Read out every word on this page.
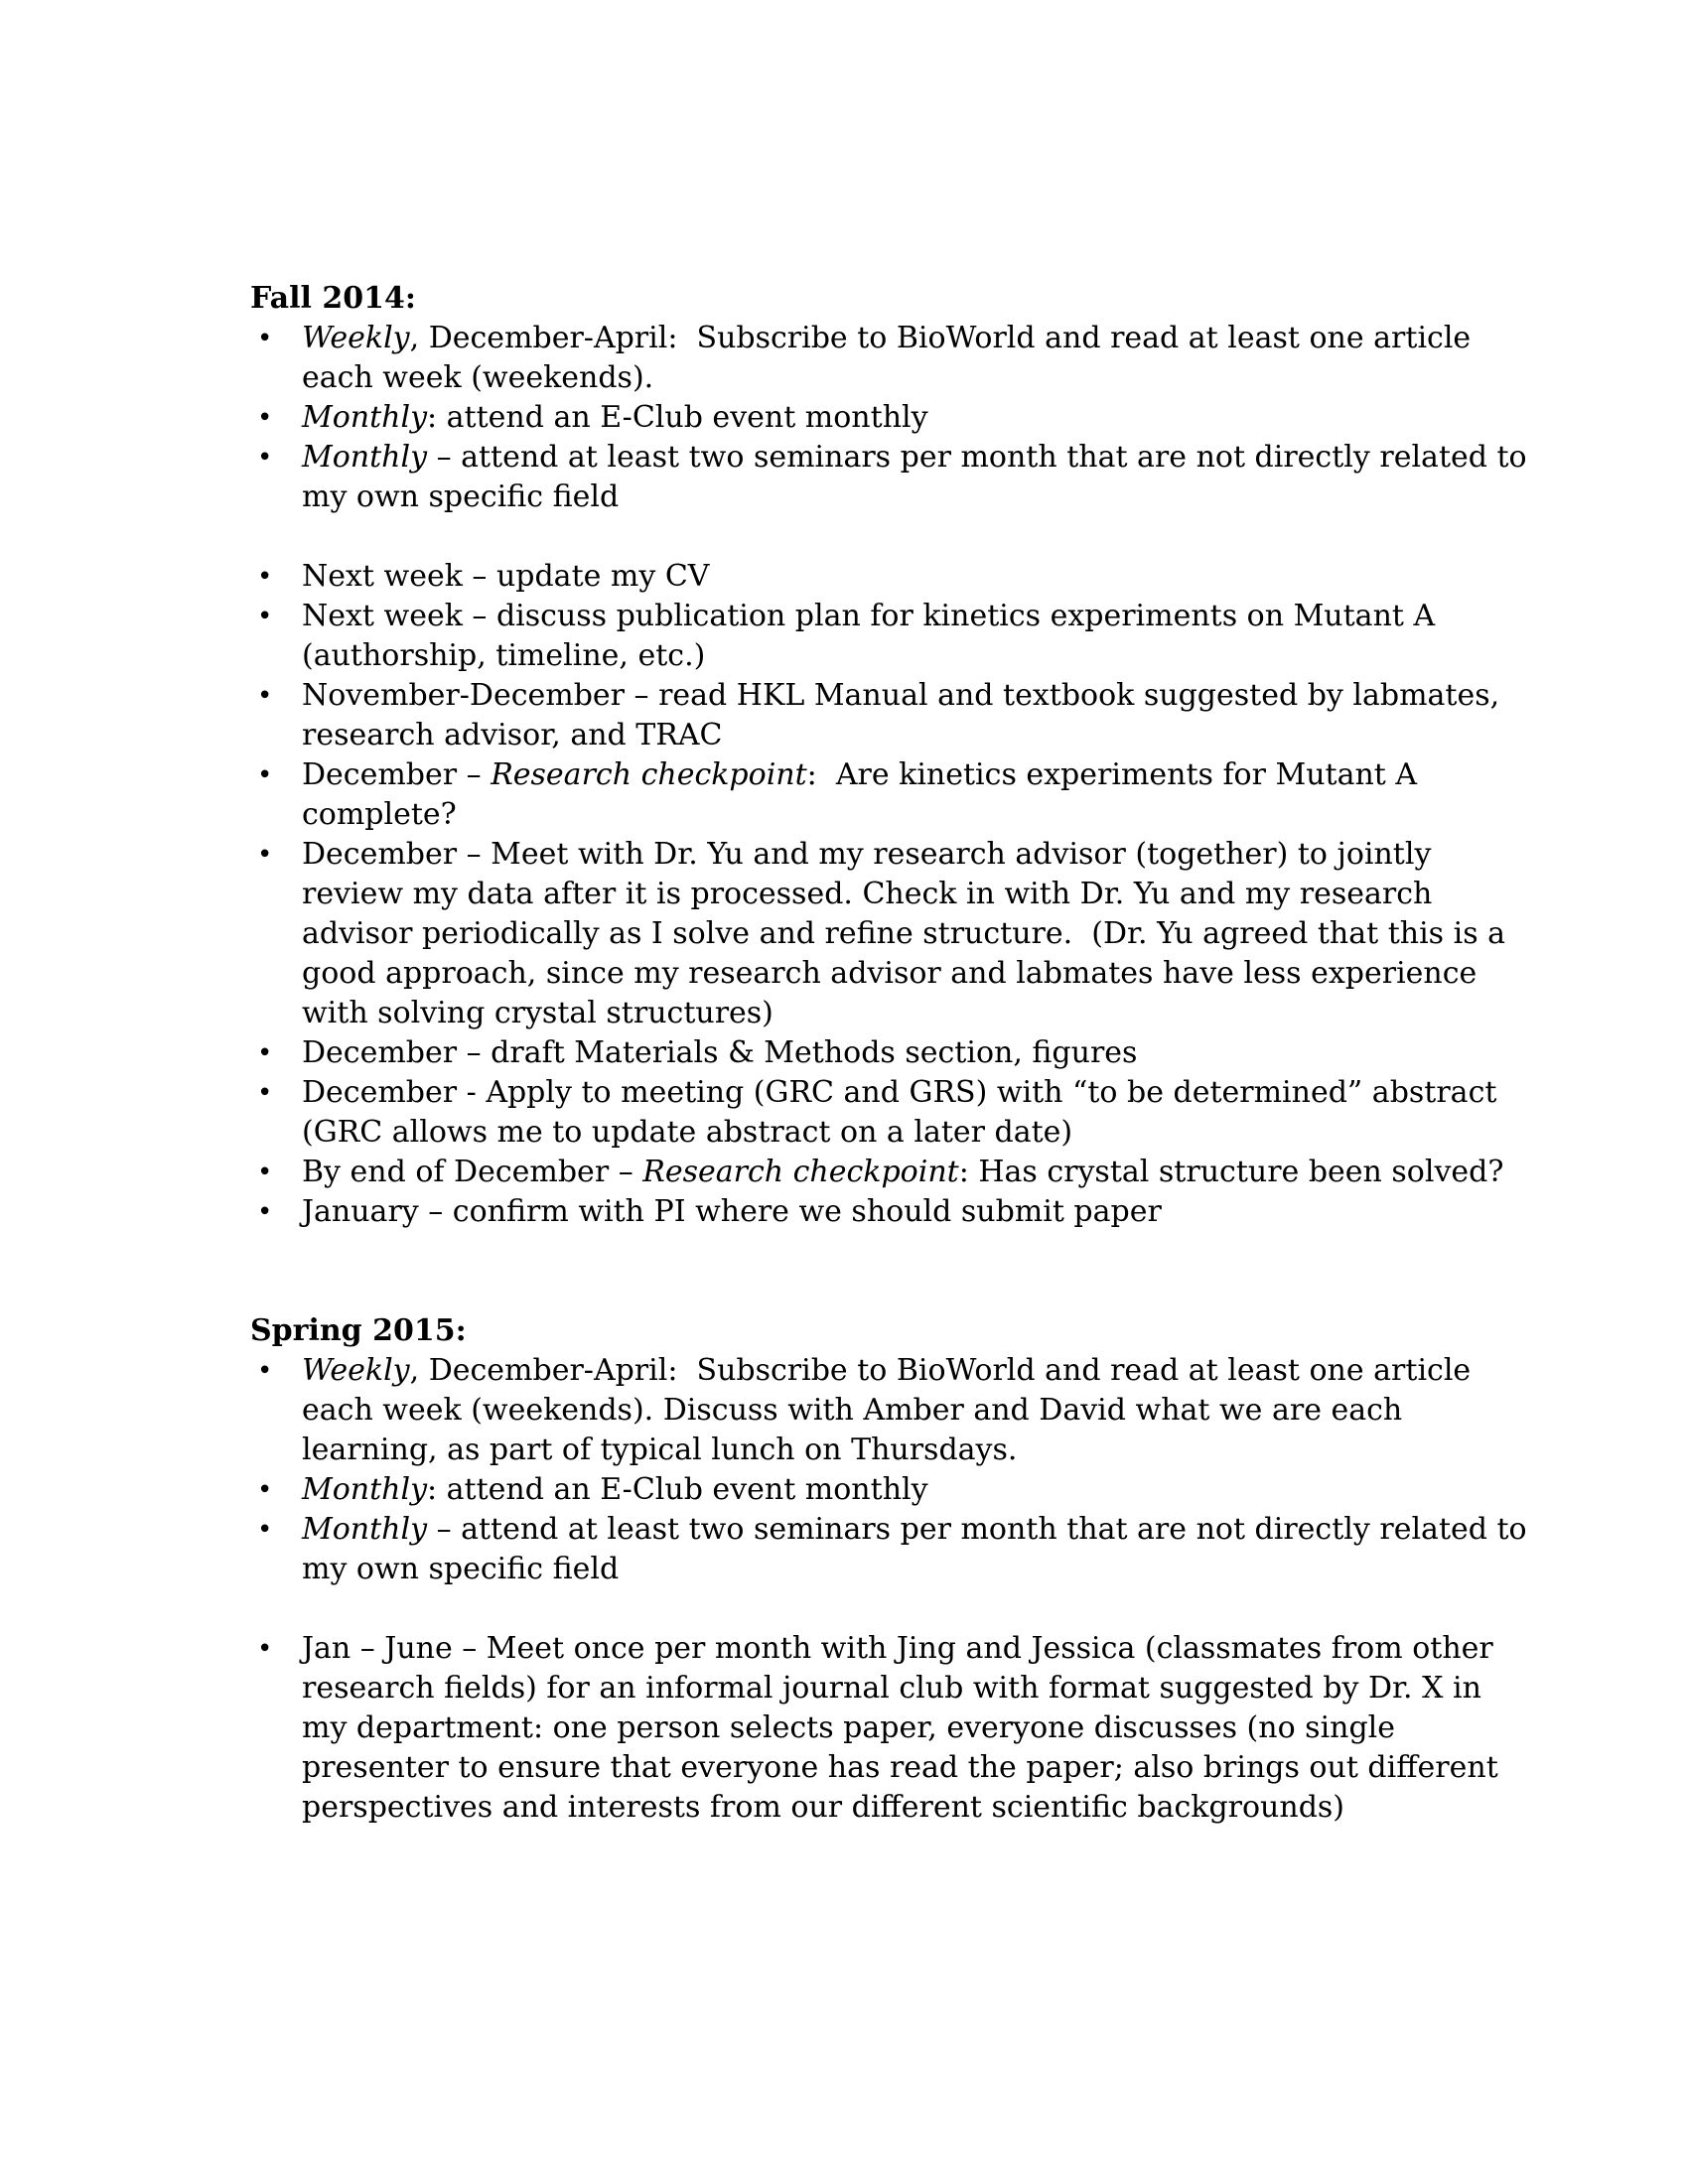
Fall 2014:
• Weekly, December-April:  Subscribe to BioWorld and read at least one article
each week (weekends).
• Monthly: attend an E-Club event monthly
• Monthly – attend at least two seminars per month that are not directly related to
my own specific field
• Next week – update my CV
• Next week – discuss publication plan for kinetics experiments on Mutant A
(authorship, timeline, etc.)
• November-December – read HKL Manual and textbook suggested by labmates,
research advisor, and TRAC
• December – Research checkpoint:  Are kinetics experiments for Mutant A
complete?
• December – Meet with Dr. Yu and my research advisor (together) to jointly
review my data after it is processed. Check in with Dr. Yu and my research
advisor periodically as I solve and refine structure.  (Dr. Yu agreed that this is a
good approach, since my research advisor and labmates have less experience
with solving crystal structures)
• December – draft Materials & Methods section, figures
• December - Apply to meeting (GRC and GRS) with “to be determined” abstract
(GRC allows me to update abstract on a later date)
• By end of December – Research checkpoint: Has crystal structure been solved?
• January – confirm with PI where we should submit paper
Spring 2015:
• Weekly, December-April:  Subscribe to BioWorld and read at least one article
each week (weekends). Discuss with Amber and David what we are each
learning, as part of typical lunch on Thursdays.
• Monthly: attend an E-Club event monthly
• Monthly – attend at least two seminars per month that are not directly related to
my own specific field
• Jan – June – Meet once per month with Jing and Jessica (classmates from other
research fields) for an informal journal club with format suggested by Dr. X in
my department: one person selects paper, everyone discusses (no single
presenter to ensure that everyone has read the paper; also brings out different
perspectives and interests from our different scientific backgrounds)
